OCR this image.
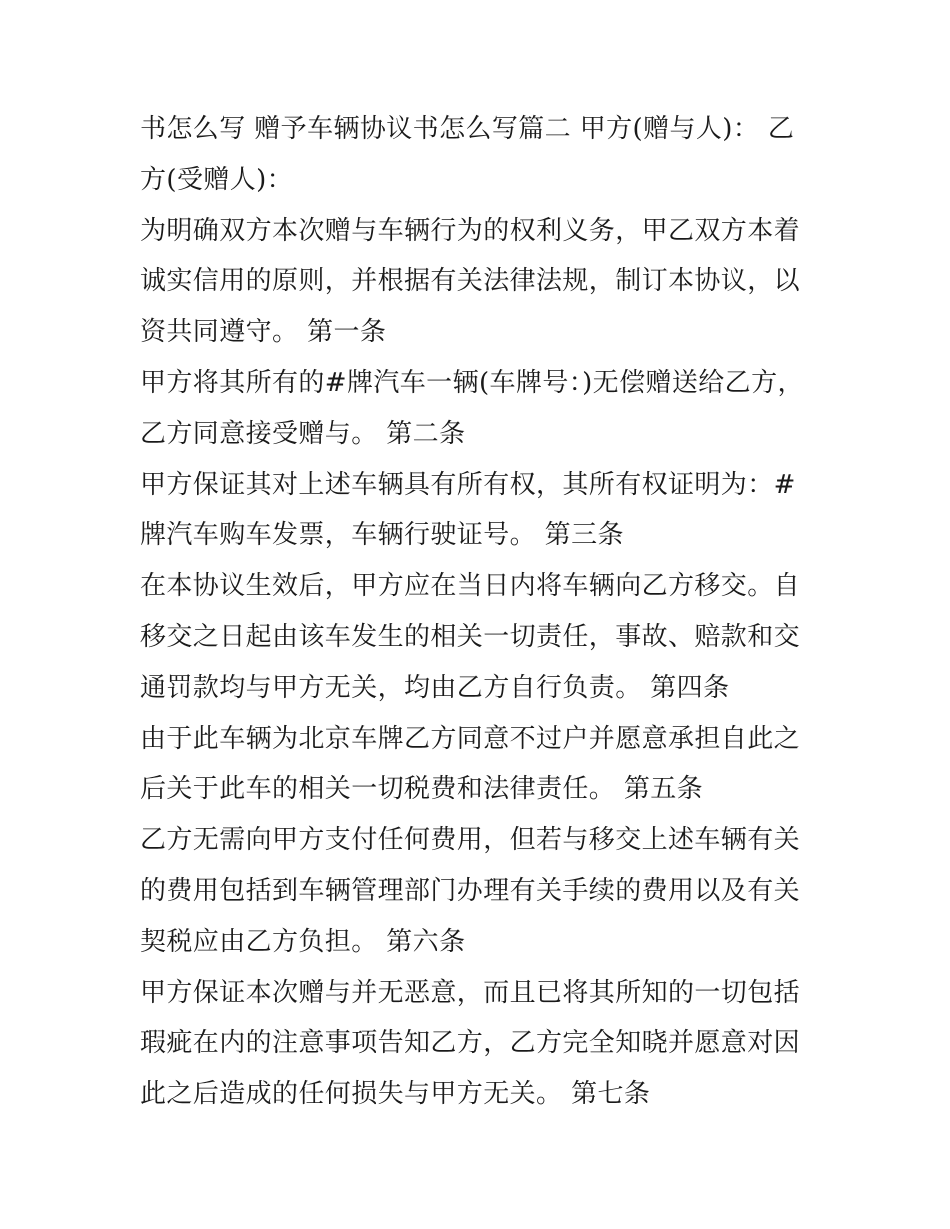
书怎么写 赠予车辆协议书怎么写篇二 甲方(赠与人)： 乙方(受赠人)：

为明确双方本次赠与车辆行为的权利义务，甲乙双方本着诚实信用的原则，并根据有关法律法规，制订本协议，以资共同遵守。 第一条

甲方将其所有的#牌汽车一辆(车牌号：)无偿赠送给乙方，乙方同意接受赠与。 第二条

甲方保证其对上述车辆具有所有权，其所有权证明为：#牌汽车购车发票，车辆行驶证号。 第三条

在本协议生效后，甲方应在当日内将车辆向乙方移交。自移交之日起由该车发生的相关一切责任，事故、赔款和交通罚款均与甲方无关，均由乙方自行负责。 第四条

由于此车辆为北京车牌乙方同意不过户并愿意承担自此之后关于此车的相关一切税费和法律责任。 第五条

乙方无需向甲方支付任何费用，但若与移交上述车辆有关的费用包括到车辆管理部门办理有关手续的费用以及有关契税应由乙方负担。 第六条

甲方保证本次赠与并无恶意，而且已将其所知的一切包括瑕疵在内的注意事项告知乙方，乙方完全知晓并愿意对因此之后造成的任何损失与甲方无关。 第七条
